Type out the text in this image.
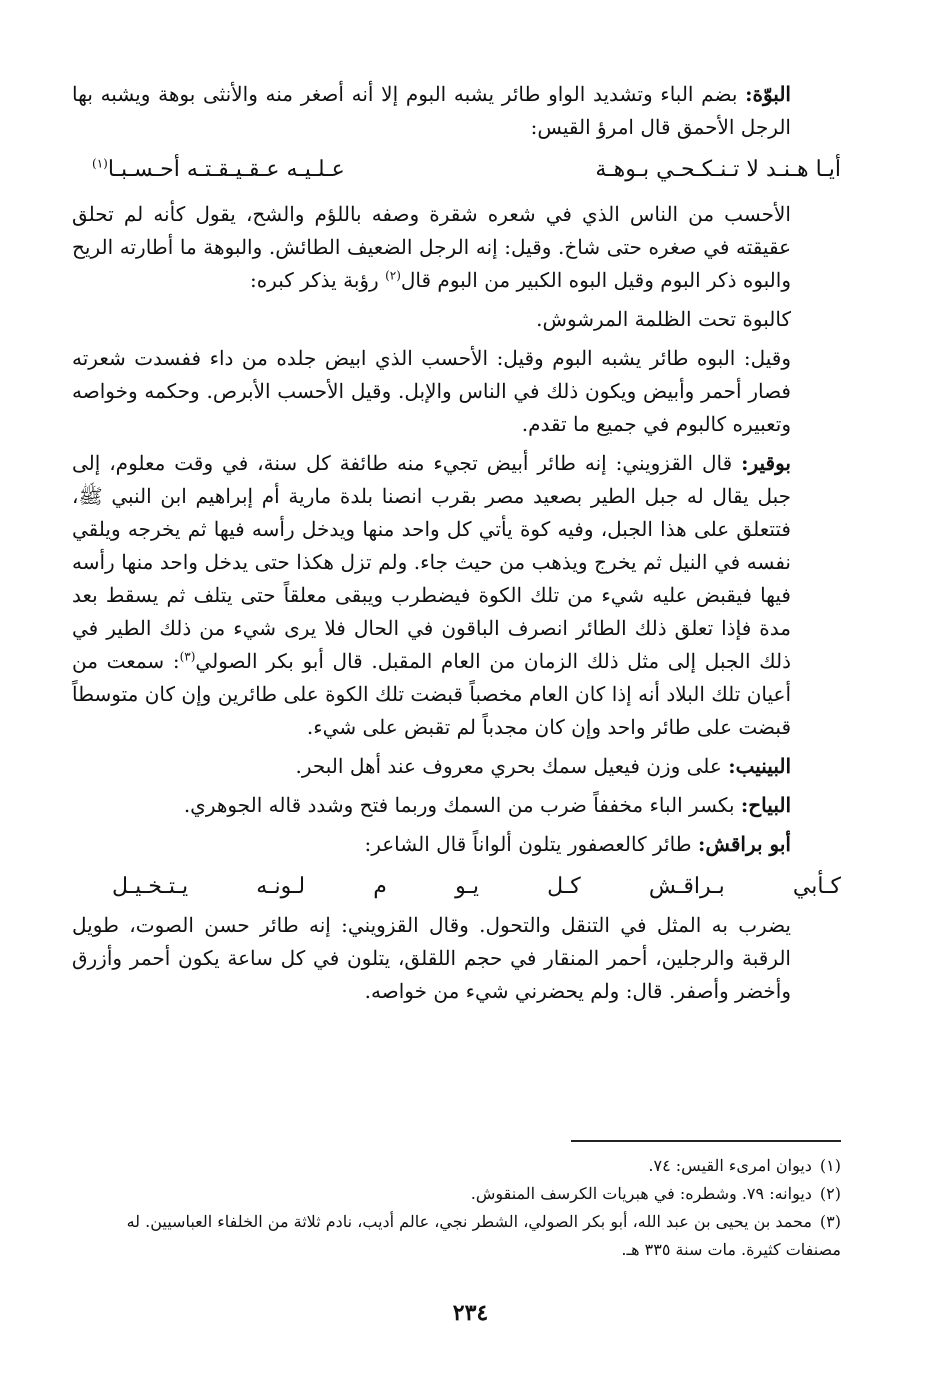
البوّة: بضم الباء وتشديد الواو طائر يشبه البوم إلا أنه أصغر منه والأنثى بوهة ويشبه بها الرجل الأحمق قال امرؤ القيس:

أيـا هـنـد لا تـنـكـحـي بـوهـة
عـلـيـه عـقـيـقـتـه أحـسـبـا$^{(١)}$

الأحسب من الناس الذي في شعره شقرة وصفه باللؤم والشح، يقول كأنه لم تحلق عقيقته في صغره حتى شاخ. وقيل: إنه الرجل الضعيف الطائش. والبوهة ما أطارته الريح والبوه ذكر البوم وقيل البوه الكبير من البوم قال$^{(٢)}$ رؤبة يذكر كبره:

كالبوة تحت الظلمة المرشوش.

وقيل: البوه طائر يشبه البوم وقيل: الأحسب الذي ابيض جلده من داء ففسدت شعرته فصار أحمر وأبيض ويكون ذلك في الناس والإبل. وقيل الأحسب الأبرص. وحكمه وخواصه وتعبيره كالبوم في جميع ما تقدم.

بوقير: قال القزويني: إنه طائر أبيض تجيء منه طائفة كل سنة، في وقت معلوم، إلى جبل يقال له جبل الطير بصعيد مصر بقرب انصنا بلدة مارية أم إبراهيم ابن النبي ﷺ، فتتعلق على هذا الجبل، وفيه كوة يأتي كل واحد منها ويدخل رأسه فيها ثم يخرجه ويلقي نفسه في النيل ثم يخرج ويذهب من حيث جاء. ولم تزل هكذا حتى يدخل واحد منها رأسه فيها فيقبض عليه شيء من تلك الكوة فيضطرب ويبقى معلقاً حتى يتلف ثم يسقط بعد مدة فإذا تعلق ذلك الطائر انصرف الباقون في الحال فلا يرى شيء من ذلك الطير في ذلك الجبل إلى مثل ذلك الزمان من العام المقبل. قال أبو بكر الصولي$^{(٣)}$: سمعت من أعيان تلك البلاد أنه إذا كان العام مخصباً قبضت تلك الكوة على طائرين وإن كان متوسطاً قبضت على طائر واحد وإن كان مجدباً لم تقبض على شيء.

البينيب: على وزن فيعيل سمك بحري معروف عند أهل البحر.

البياح: بكسر الباء مخففاً ضرب من السمك وربما فتح وشدد قاله الجوهري.

أبو براقش: طائر كالعصفور يتلون ألواناً قال الشاعر:

كـأبي
بـراقـش
كـل
يـو
م
لـونـه
يـتـخـيـل

يضرب به المثل في التنقل والتحول. وقال القزويني: إنه طائر حسن الصوت، طويل الرقبة والرجلين، أحمر المنقار في حجم اللقلق، يتلون في كل ساعة يكون أحمر وأزرق وأخضر وأصفر. قال: ولم يحضرني شيء من خواصه.

(١)ديوان امرىء القيس: ٧٤.

(٢)ديوانه: ٧٩. وشطره: في هبريات الكرسف المنقوش.

(٣)محمد بن يحيى بن عبد الله، أبو بكر الصولي، الشطر نجي، عالم أديب، نادم ثلاثة من الخلفاء العباسيين. له مصنفات كثيرة. مات سنة ٣٣٥ هـ.

٢٣٤
